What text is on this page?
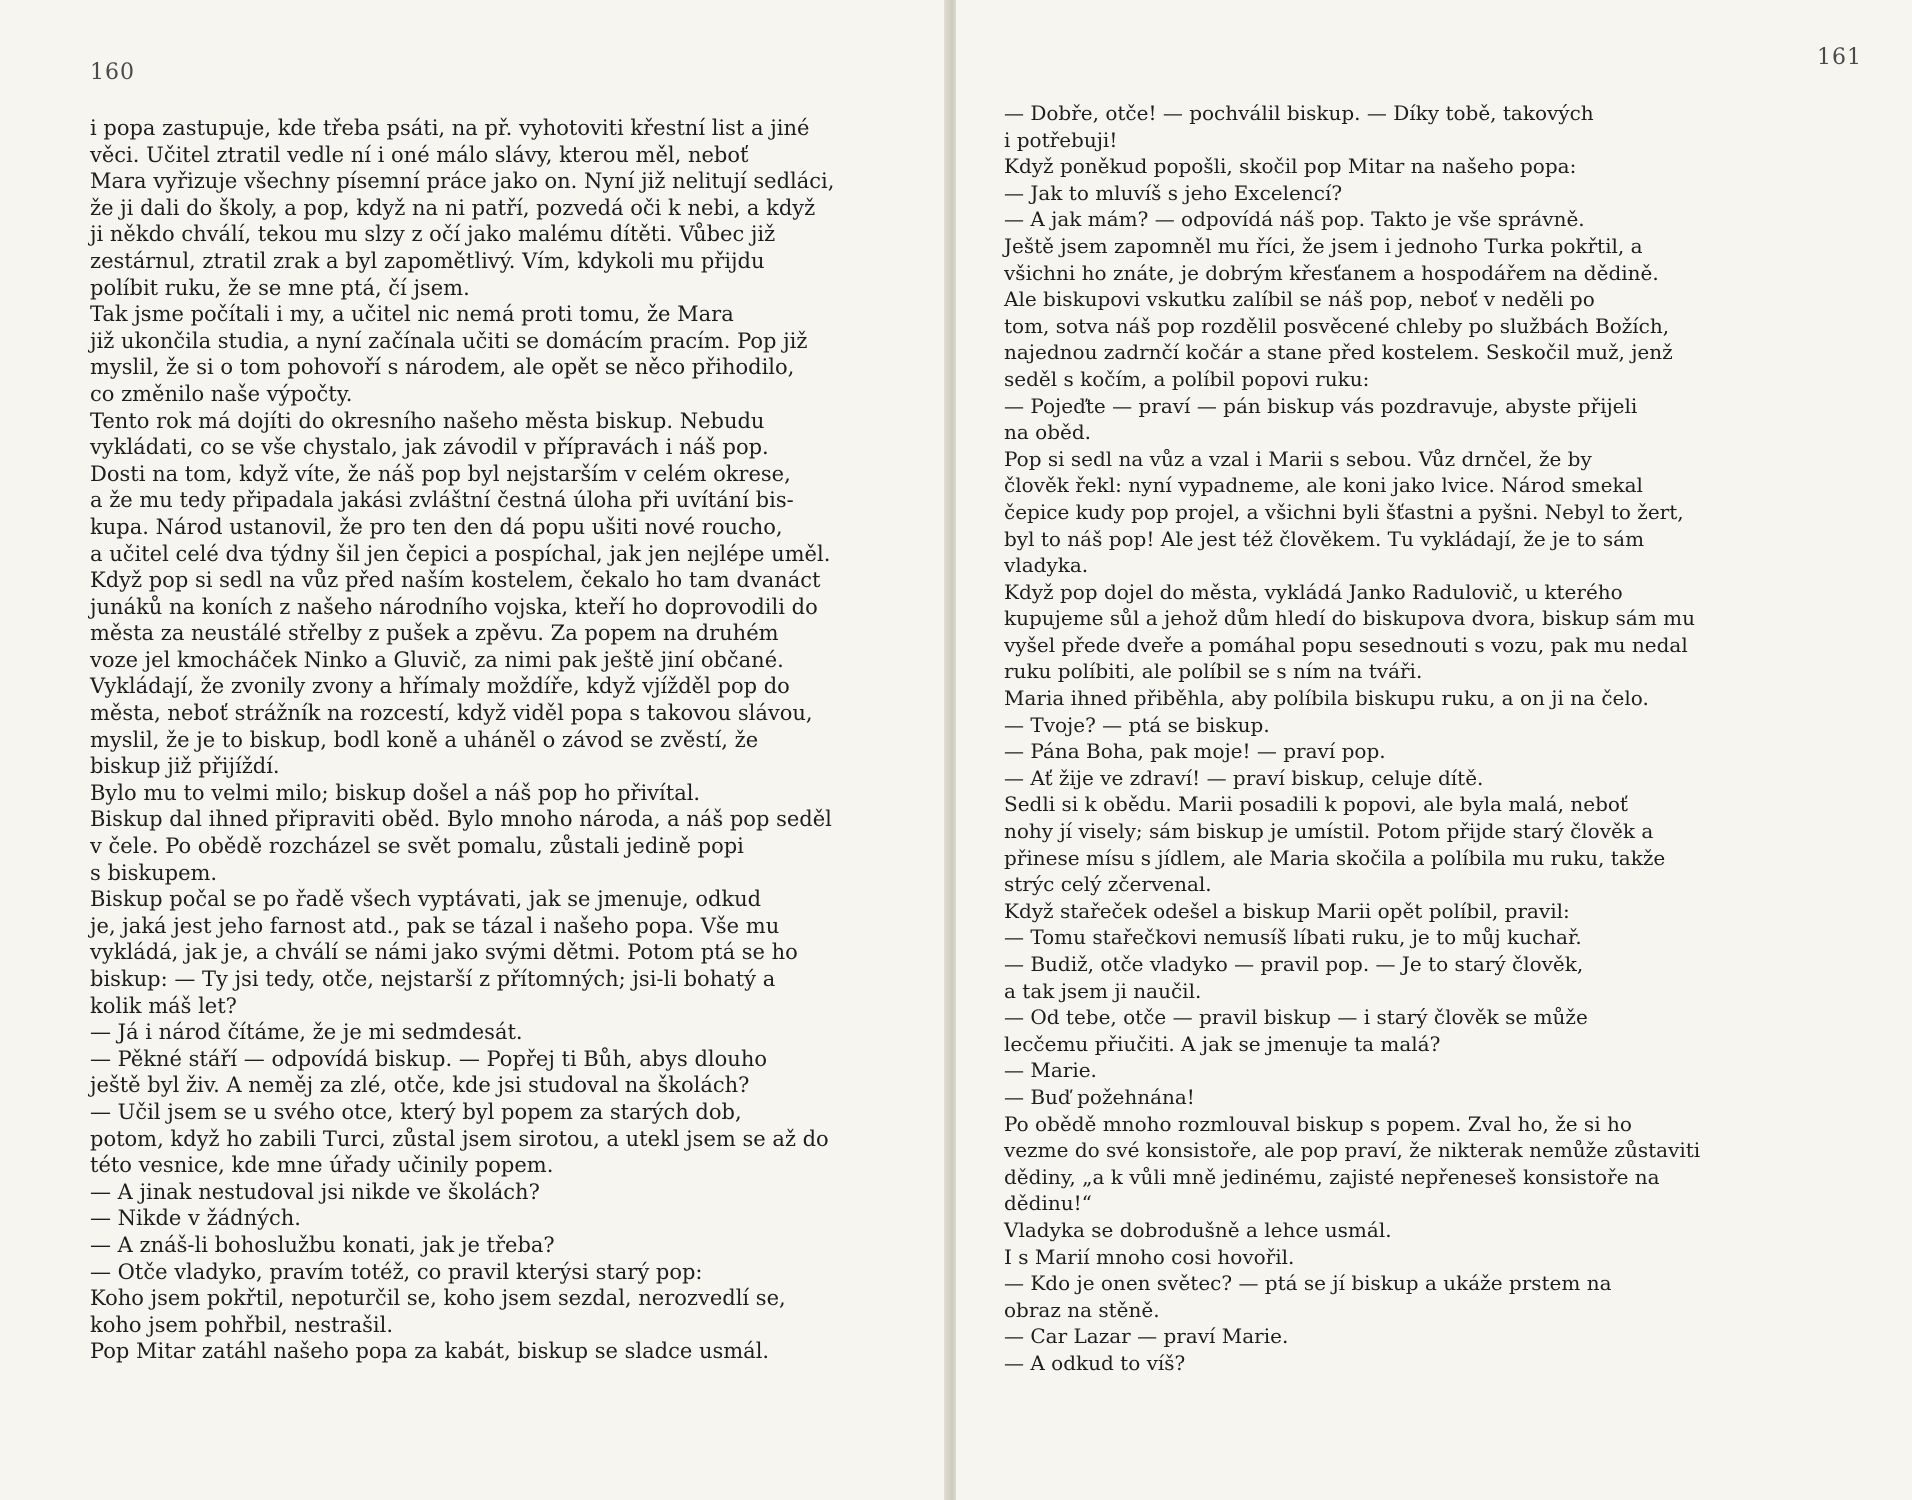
160
i popa zastupuje, kde třeba psáti, na př. vyhotoviti křestní list a jiné
věci. Učitel ztratil vedle ní i oné málo slávy, kterou měl, neboť
Mara vyřizuje všechny písemní práce jako on. Nyní již nelitují sedláci,
že ji dali do školy, a pop, když na ni patří, pozvedá oči k nebi, a když
ji někdo chválí, tekou mu slzy z očí jako malému dítěti. Vůbec již
zestárnul, ztratil zrak a byl zapomětlivý. Vím, kdykoli mu přijdu
políbit ruku, že se mne ptá, čí jsem.
Tak jsme počítali i my, a učitel nic nemá proti tomu, že Mara
již ukončila studia, a nyní začínala učiti se domácím pracím. Pop již
myslil, že si o tom pohovoří s národem, ale opět se něco přihodilo,
co změnilo naše výpočty.
Tento rok má dojíti do okresního našeho města biskup. Nebudu
vykládati, co se vše chystalo, jak závodil v přípravách i náš pop.
Dosti na tom, když víte, že náš pop byl nejstarším v celém okrese,
a že mu tedy připadala jakási zvláštní čestná úloha při uvítání bis-
kupa. Národ ustanovil, že pro ten den dá popu ušiti nové roucho,
a učitel celé dva týdny šil jen čepici a pospíchal, jak jen nejlépe uměl.
Když pop si sedl na vůz před naším kostelem, čekalo ho tam dvanáct
junáků na koních z našeho národního vojska, kteří ho doprovodili do
města za neustálé střelby z pušek a zpěvu. Za popem na druhém
voze jel kmocháček Ninko a Gluvič, za nimi pak ještě jiní občané.
Vykládají, že zvonily zvony a hřímaly moždíře, když vjížděl pop do
města, neboť strážník na rozcestí, když viděl popa s takovou slávou,
myslil, že je to biskup, bodl koně a uháněl o závod se zvěstí, že
biskup již přijíždí.
Bylo mu to velmi milo; biskup došel a náš pop ho přivítal.
Biskup dal ihned připraviti oběd. Bylo mnoho národa, a náš pop seděl
v čele. Po obědě rozcházel se svět pomalu, zůstali jedině popi
s biskupem.
Biskup počal se po řadě všech vyptávati, jak se jmenuje, odkud
je, jaká jest jeho farnost atd., pak se tázal i našeho popa. Vše mu
vykládá, jak je, a chválí se námi jako svými dětmi. Potom ptá se ho
biskup: — Ty jsi tedy, otče, nejstarší z přítomných; jsi-li bohatý a
kolik máš let?
— Já i národ čítáme, že je mi sedmdesát.
— Pěkné stáří — odpovídá biskup. — Popřej ti Bůh, abys dlouho
ještě byl živ. A neměj za zlé, otče, kde jsi studoval na školách?
— Učil jsem se u svého otce, který byl popem za starých dob,
potom, když ho zabili Turci, zůstal jsem sirotou, a utekl jsem se až do
této vesnice, kde mne úřady učinily popem.
— A jinak nestudoval jsi nikde ve školách?
— Nikde v žádných.
— A znáš-li bohoslužbu konati, jak je třeba?
— Otče vladyko, pravím totéž, co pravil kterýsi starý pop:
Koho jsem pokřtil, nepoturčil se, koho jsem sezdal, nerozvedlí se,
koho jsem pohřbil, nestrašil.
Pop Mitar zatáhl našeho popa za kabát, biskup se sladce usmál.
161
— Dobře, otče! — pochválil biskup. — Díky tobě, takových
i potřebuji!
Když poněkud popošli, skočil pop Mitar na našeho popa:
— Jak to mluvíš s jeho Excelencí?
— A jak mám? — odpovídá náš pop. Takto je vše správně.
Ještě jsem zapomněl mu říci, že jsem i jednoho Turka pokřtil, a
všichni ho znáte, je dobrým křesťanem a hospodářem na dědině.
Ale biskupovi vskutku zalíbil se náš pop, neboť v neděli po
tom, sotva náš pop rozdělil posvěcené chleby po službách Božích,
najednou zadrnčí kočár a stane před kostelem. Seskočil muž, jenž
seděl s kočím, a políbil popovi ruku:
— Pojeďte — praví — pán biskup vás pozdravuje, abyste přijeli
na oběd.
Pop si sedl na vůz a vzal i Marii s sebou. Vůz drnčel, že by
člověk řekl: nyní vypadneme, ale koni jako lvice. Národ smekal
čepice kudy pop projel, a všichni byli šťastni a pyšni. Nebyl to žert,
byl to náš pop! Ale jest též člověkem. Tu vykládají, že je to sám
vladyka.
Když pop dojel do města, vykládá Janko Radulovič, u kterého
kupujeme sůl a jehož dům hledí do biskupova dvora, biskup sám mu
vyšel přede dveře a pomáhal popu sesednouti s vozu, pak mu nedal
ruku políbiti, ale políbil se s ním na tváři.
Maria ihned přiběhla, aby políbila biskupu ruku, a on ji na čelo.
— Tvoje? — ptá se biskup.
— Pána Boha, pak moje! — praví pop.
— Ať žije ve zdraví! — praví biskup, celuje dítě.
Sedli si k obědu. Marii posadili k popovi, ale byla malá, neboť
nohy jí visely; sám biskup je umístil. Potom přijde starý člověk a
přinese mísu s jídlem, ale Maria skočila a políbila mu ruku, takže
strýc celý zčervenal.
Když stařeček odešel a biskup Marii opět políbil, pravil:
— Tomu stařečkovi nemusíš líbati ruku, je to můj kuchař.
— Budiž, otče vladyko — pravil pop. — Je to starý člověk,
a tak jsem ji naučil.
— Od tebe, otče — pravil biskup — i starý člověk se může
lecčemu přiučiti. A jak se jmenuje ta malá?
— Marie.
— Buď požehnána!
Po obědě mnoho rozmlouval biskup s popem. Zval ho, že si ho
vezme do své konsistoře, ale pop praví, že nikterak nemůže zůstaviti
dědiny, „a k vůli mně jedinému, zajisté nepřeneseš konsistoře na
dědinu!“
Vladyka se dobrodušně a lehce usmál.
I s Marií mnoho cosi hovořil.
— Kdo je onen světec? — ptá se jí biskup a ukáže prstem na
obraz na stěně.
— Car Lazar — praví Marie.
— A odkud to víš?
